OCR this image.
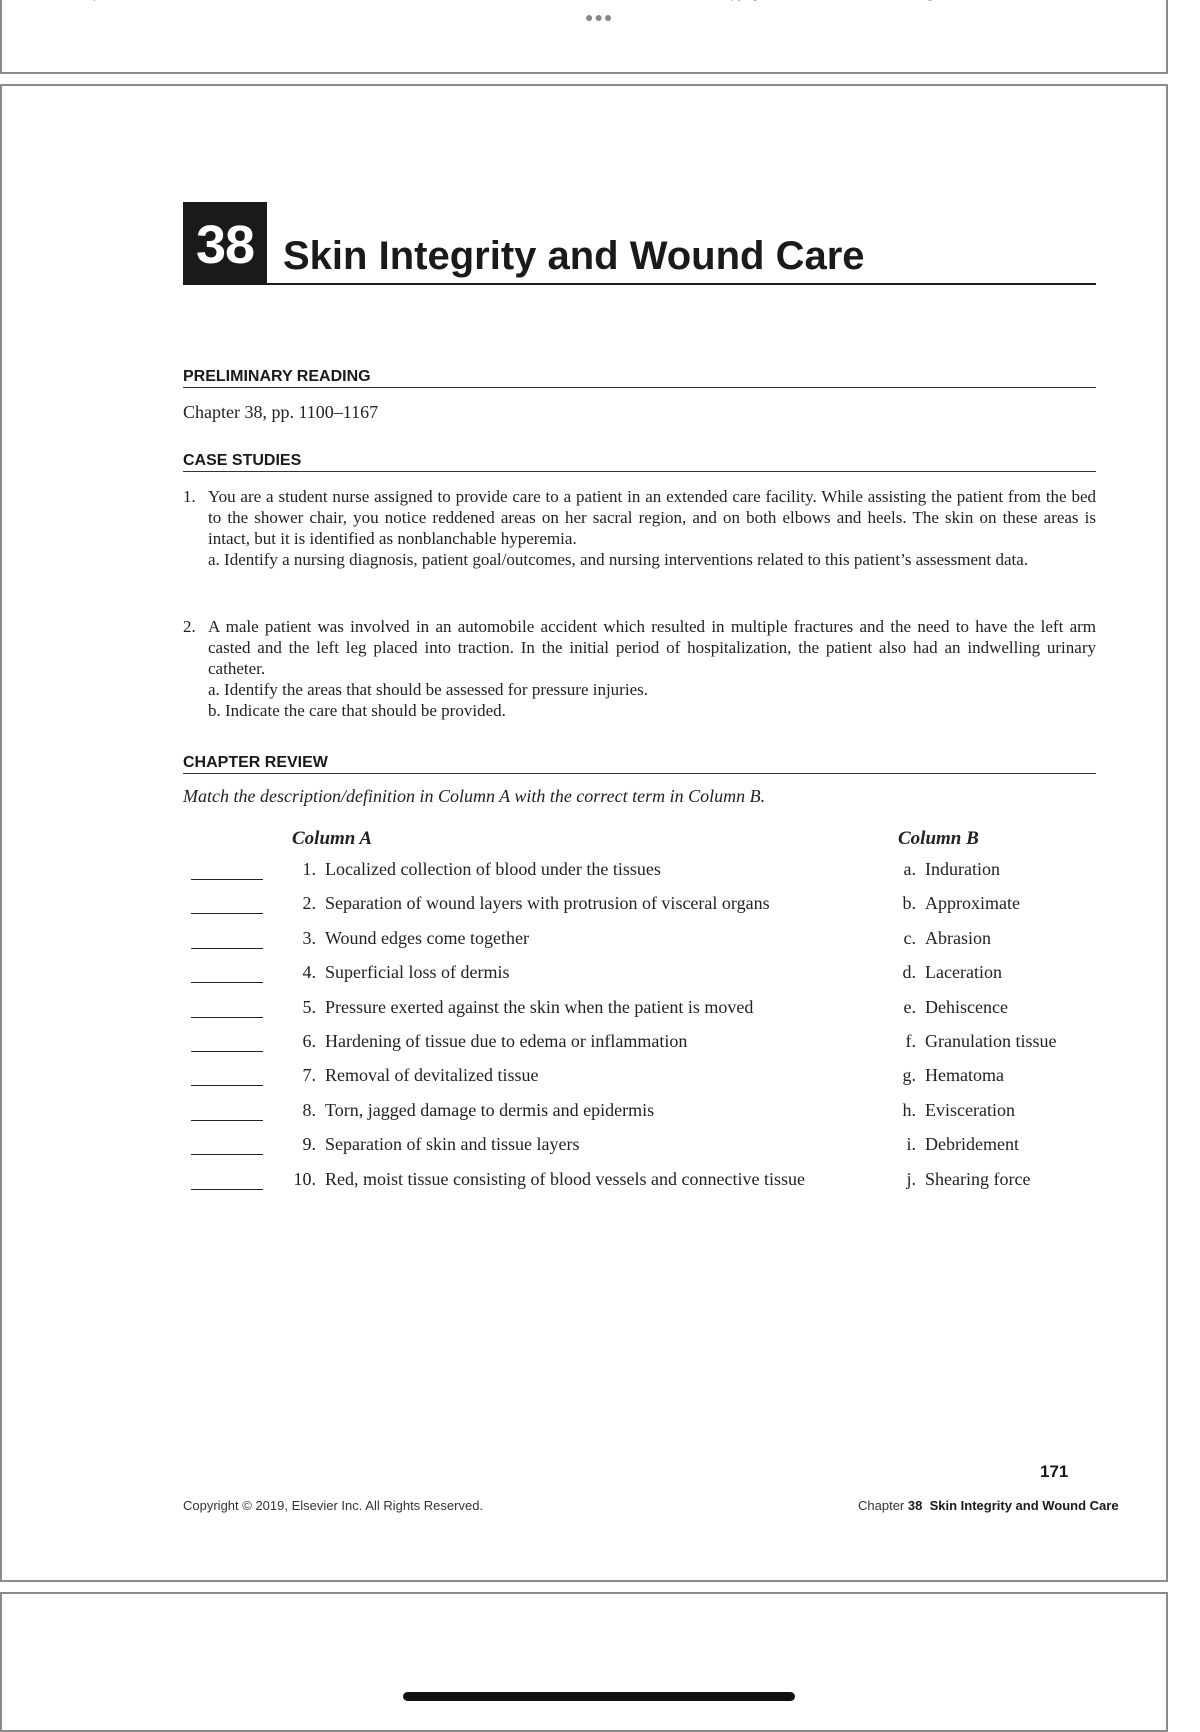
●●●
38 Skin Integrity and Wound Care
PRELIMINARY READING
Chapter 38, pp. 1100–1167
CASE STUDIES
1. You are a student nurse assigned to provide care to a patient in an extended care facility. While assisting the patient from the bed to the shower chair, you notice reddened areas on her sacral region, and on both elbows and heels. The skin on these areas is intact, but it is identified as nonblanchable hyperemia.
a. Identify a nursing diagnosis, patient goal/outcomes, and nursing interventions related to this patient’s assessment data.
2. A male patient was involved in an automobile accident which resulted in multiple fractures and the need to have the left arm casted and the left leg placed into traction. In the initial period of hospitalization, the patient also had an indwelling urinary catheter.
a. Identify the areas that should be assessed for pressure injuries.
b. Indicate the care that should be provided.
CHAPTER REVIEW
Match the description/definition in Column A with the correct term in Column B.
Column A	Column B
1. Localized collection of blood under the tissues	a. Induration
2. Separation of wound layers with protrusion of visceral organs	b. Approximate
3. Wound edges come together	c. Abrasion
4. Superficial loss of dermis	d. Laceration
5. Pressure exerted against the skin when the patient is moved	e. Dehiscence
6. Hardening of tissue due to edema or inflammation	f. Granulation tissue
7. Removal of devitalized tissue	g. Hematoma
8. Torn, jagged damage to dermis and epidermis	h. Evisceration
9. Separation of skin and tissue layers	i. Debridement
10. Red, moist tissue consisting of blood vessels and connective tissue	j. Shearing force
171
Copyright © 2019, Elsevier Inc. All Rights Reserved.	Chapter 38 Skin Integrity and Wound Care
